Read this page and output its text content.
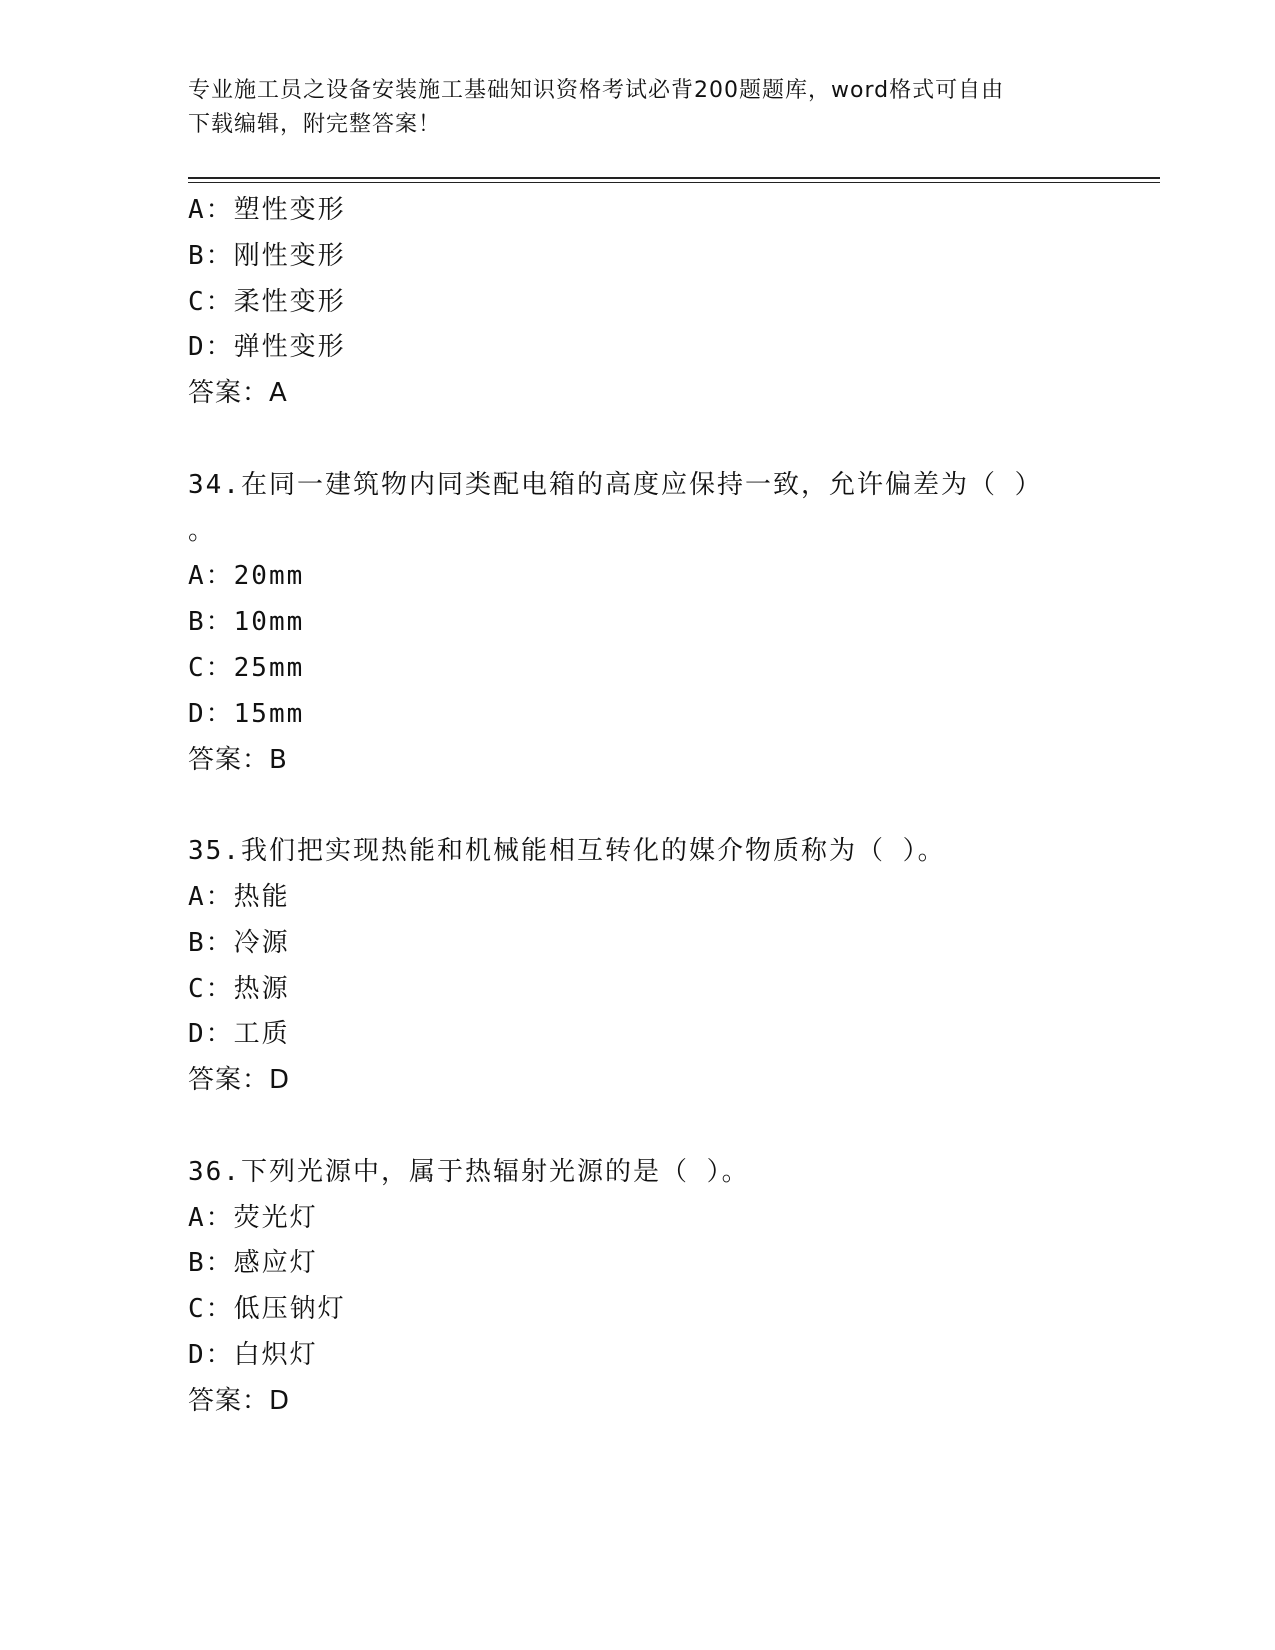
专业施工员之设备安装施工基础知识资格考试必背200题题库，word格式可自由
下载编辑，附完整答案！
A：塑性变形
B：刚性变形
C：柔性变形
D：弹性变形
答案：A
34.在同一建筑物内同类配电箱的高度应保持一致，允许偏差为（ ）
。
A：20mm
B：10mm
C：25mm
D：15mm
答案：B
35.我们把实现热能和机械能相互转化的媒介物质称为（ ）。
A：热能
B：冷源
C：热源
D：工质
答案：D
36.下列光源中，属于热辐射光源的是（ ）。
A：荧光灯
B：感应灯
C：低压钠灯
D：白炽灯
答案：D
